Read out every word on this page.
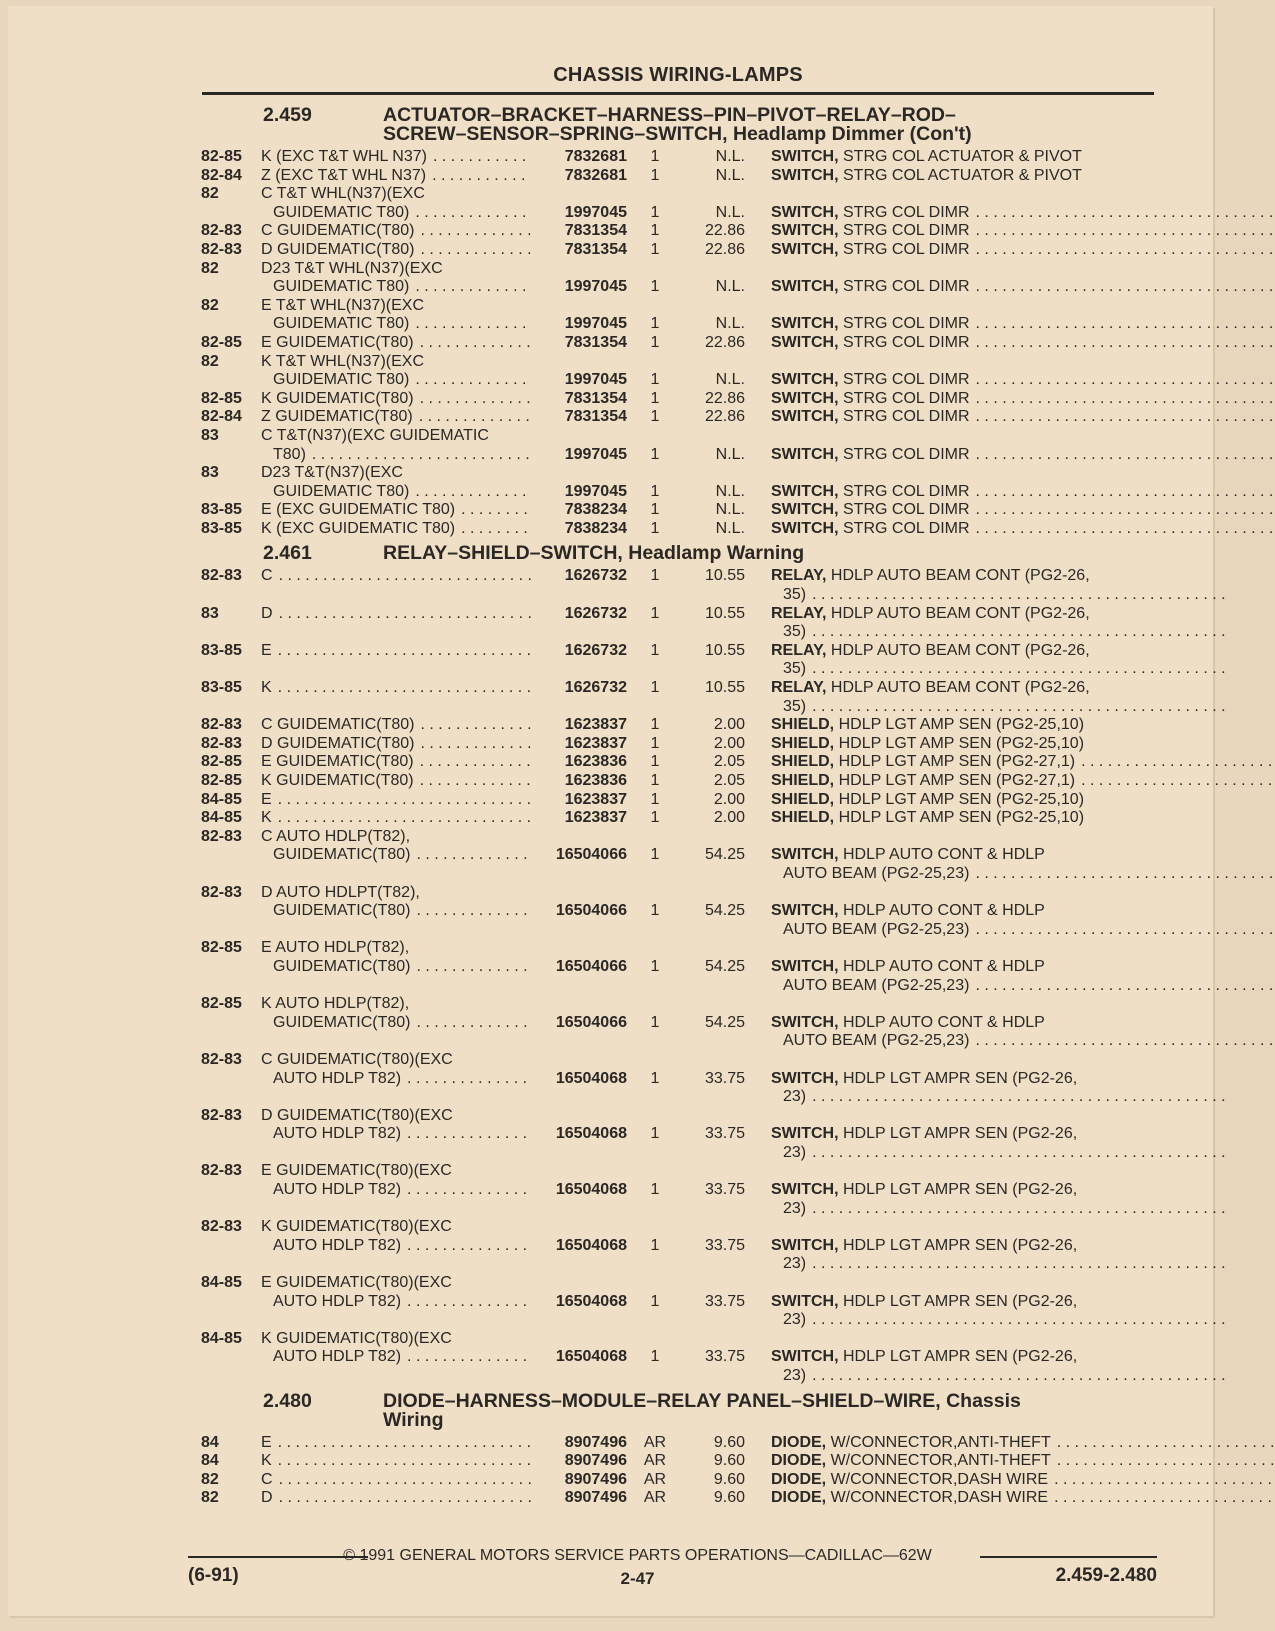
CHASSIS WIRING-LAMPS
2.459	ACTUATOR–BRACKET–HARNESS–PIN–PIVOT–RELAY–ROD–
SCREW–SENSOR–SPRING–SWITCH, Headlamp Dimmer (Con't)
82-85	K (EXC T&T WHL N37) . . .	7832681	1	N.L. SWITCH,
STRG COL ACTUATOR & PIVOT
82-84	Z (EXC T&T WHL N37) . . .	7832681	1	N.L. SWITCH,
STRG COL ACTUATOR & PIVOT
82	C T&T WHL(N37)(EXC
GUIDEMATIC T80) . . .	1997045	1	N.L. SWITCH,
STRG COL DIMR
. . .
82-83	C GUIDEMATIC(T80) . . .	7831354	1	22.86 SWITCH,
STRG COL DIMR
. . .
82-83	D GUIDEMATIC(T80) . . .	7831354	1	22.86 SWITCH,
STRG COL DIMR
. . .
82	D23 T&T WHL(N37)(EXC
GUIDEMATIC T80) . . .	1997045	1	N.L. SWITCH,
STRG COL DIMR
. . .
82	E T&T WHL(N37)(EXC
GUIDEMATIC T80) . . .	1997045	1	N.L. SWITCH,
STRG COL DIMR
. . .
82-85	E GUIDEMATIC(T80) . . .	7831354	1	22.86 SWITCH,
STRG COL DIMR
. . .
82	K T&T WHL(N37)(EXC
GUIDEMATIC T80) . . .	1997045	1	N.L. SWITCH,
STRG COL DIMR
. . .
82-85	K GUIDEMATIC(T80) . . .	7831354	1	22.86 SWITCH,
STRG COL DIMR
. . .
82-84	Z GUIDEMATIC(T80) . . .	7831354	1	22.86 SWITCH,
STRG COL DIMR
. . .
83	C T&T(N37)(EXC GUIDEMATIC
T80) . . .	1997045	1	N.L. SWITCH,
STRG COL DIMR
. . .
83	D23 T&T(N37)(EXC
GUIDEMATIC T80) . . .	1997045	1	N.L. SWITCH,
STRG COL DIMR
. . .
83-85	E (EXC GUIDEMATIC T80) . . .	7838234	1	N.L. SWITCH,
STRG COL DIMR
. . .
83-85	K (EXC GUIDEMATIC T80) . . .	7838234	1	N.L. SWITCH,
STRG COL DIMR
. . .
2.461	RELAY–SHIELD–SWITCH, Headlamp Warning
82-83	C . . .	1626732	1	10.55 RELAY,
HDLP AUTO BEAM CONT (PG2-26,
35)
. . .
83	D . . .	1626732	1	10.55 RELAY,
HDLP AUTO BEAM CONT (PG2-26,
35)
. . .
83-85	E . . .	1626732	1	10.55 RELAY,
HDLP AUTO BEAM CONT (PG2-26,
35)
. . .
83-85	K . . .	1626732	1	10.55 RELAY,
HDLP AUTO BEAM CONT (PG2-26,
35)
. . .
82-83	C GUIDEMATIC(T80) . . .	1623837	1	2.00 SHIELD,
HDLP LGT AMP SEN (PG2-25,10)
82-83	D GUIDEMATIC(T80) . . .	1623837	1	2.00 SHIELD,
HDLP LGT AMP SEN (PG2-25,10)
82-85	E GUIDEMATIC(T80) . . .	1623836	1	2.05 SHIELD,
HDLP LGT AMP SEN (PG2-27,1)
. . .
82-85	K GUIDEMATIC(T80) . . .	1623836	1	2.05 SHIELD,
HDLP LGT AMP SEN (PG2-27,1)
. . .
84-85	E . . .	1623837	1	2.00 SHIELD,
HDLP LGT AMP SEN (PG2-25,10)
84-85	K . . .	1623837	1	2.00 SHIELD,
HDLP LGT AMP SEN (PG2-25,10)
82-83	C AUTO HDLP(T82),
GUIDEMATIC(T80) . . .	16504066	1	54.25 SWITCH,
HDLP AUTO CONT & HDLP
AUTO BEAM (PG2-25,23)
. . .
82-83	D AUTO HDLPT(T82),
GUIDEMATIC(T80) . . .	16504066	1	54.25 SWITCH,
HDLP AUTO CONT & HDLP
AUTO BEAM (PG2-25,23)
. . .
82-85	E AUTO HDLP(T82),
GUIDEMATIC(T80) . . .	16504066	1	54.25 SWITCH,
HDLP AUTO CONT & HDLP
AUTO BEAM (PG2-25,23)
. . .
82-85	K AUTO HDLP(T82),
GUIDEMATIC(T80) . . .	16504066	1	54.25 SWITCH,
HDLP AUTO CONT & HDLP
AUTO BEAM (PG2-25,23)
. . .
82-83	C GUIDEMATIC(T80)(EXC
AUTO HDLP T82) . . .	16504068	1	33.75 SWITCH,
HDLP LGT AMPR SEN (PG2-26,
23)
. . .
82-83	D GUIDEMATIC(T80)(EXC
AUTO HDLP T82) . . .	16504068	1	33.75 SWITCH,
HDLP LGT AMPR SEN (PG2-26,
23)
. . .
82-83	E GUIDEMATIC(T80)(EXC
AUTO HDLP T82) . . .	16504068	1	33.75 SWITCH,
HDLP LGT AMPR SEN (PG2-26,
23)
. . .
82-83	K GUIDEMATIC(T80)(EXC
AUTO HDLP T82) . . .	16504068	1	33.75 SWITCH,
HDLP LGT AMPR SEN (PG2-26,
23)
. . .
84-85	E GUIDEMATIC(T80)(EXC
AUTO HDLP T82) . . .	16504068	1	33.75 SWITCH,
HDLP LGT AMPR SEN (PG2-26,
23)
. . .
84-85	K GUIDEMATIC(T80)(EXC
AUTO HDLP T82) . . .	16504068	1	33.75 SWITCH,
HDLP LGT AMPR SEN (PG2-26,
23)
. . .
2.480	DIODE–HARNESS–MODULE–RELAY PANEL–SHIELD–WIRE, Chassis
Wiring
84	E . . .	8907496	AR	9.60 DIODE,
W/CONNECTOR,ANTI-THEFT
. . .
84	K . . .	8907496	AR	9.60 DIODE,
W/CONNECTOR,ANTI-THEFT
. . .
82	C . . .	8907496	AR	9.60 DIODE,
W/CONNECTOR,DASH WIRE
. . .
82	D . . .	8907496	AR	9.60 DIODE,
W/CONNECTOR,DASH WIRE
. . .
© 1991 GENERAL MOTORS SERVICE PARTS OPERATIONS—CADILLAC—62W
(6-91)	2-47	2.459-2.480
